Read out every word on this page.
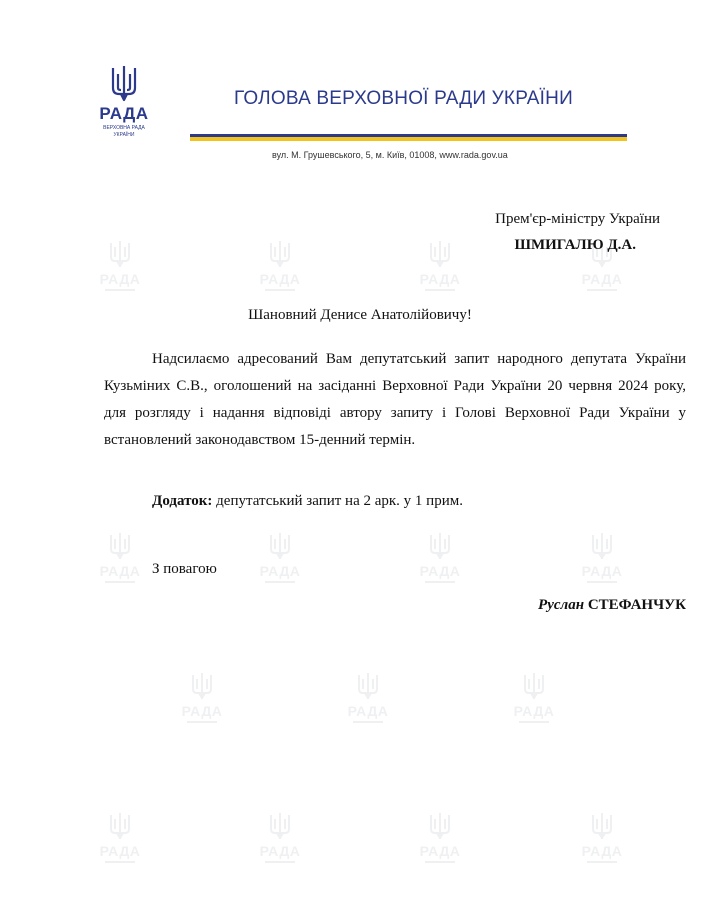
РАДА	РАДА	РАДА	РАДА
РАДА	РАДА	РАДА	РАДА
РАДА	РАДА	РАДА
РАДА	РАДА	РАДА	РАДА
РАДА
ВЕРХОВНА РАДА
УКРАЇНИ
ГОЛОВА ВЕРХОВНОЇ РАДИ УКРАЇНИ
вул. М. Грушевського, 5, м. Київ, 01008, www.rada.gov.ua
Прем'єр-міністру України
ШМИГАЛЮ Д.А.
Шановний Денисе Анатолійовичу!
Надсилаємо адресований Вам депутатський запит народного депутата України Кузьміних С.В., оголошений на засіданні Верховної Ради України 20 червня 2024 року, для розгляду і надання відповіді автору запиту і Голові Верховної Ради України у встановлений законодавством 15-денний термін.
Додаток: депутатський запит на 2 арк. у 1 прим.
З повагою
Руслан СТЕФАНЧУК
